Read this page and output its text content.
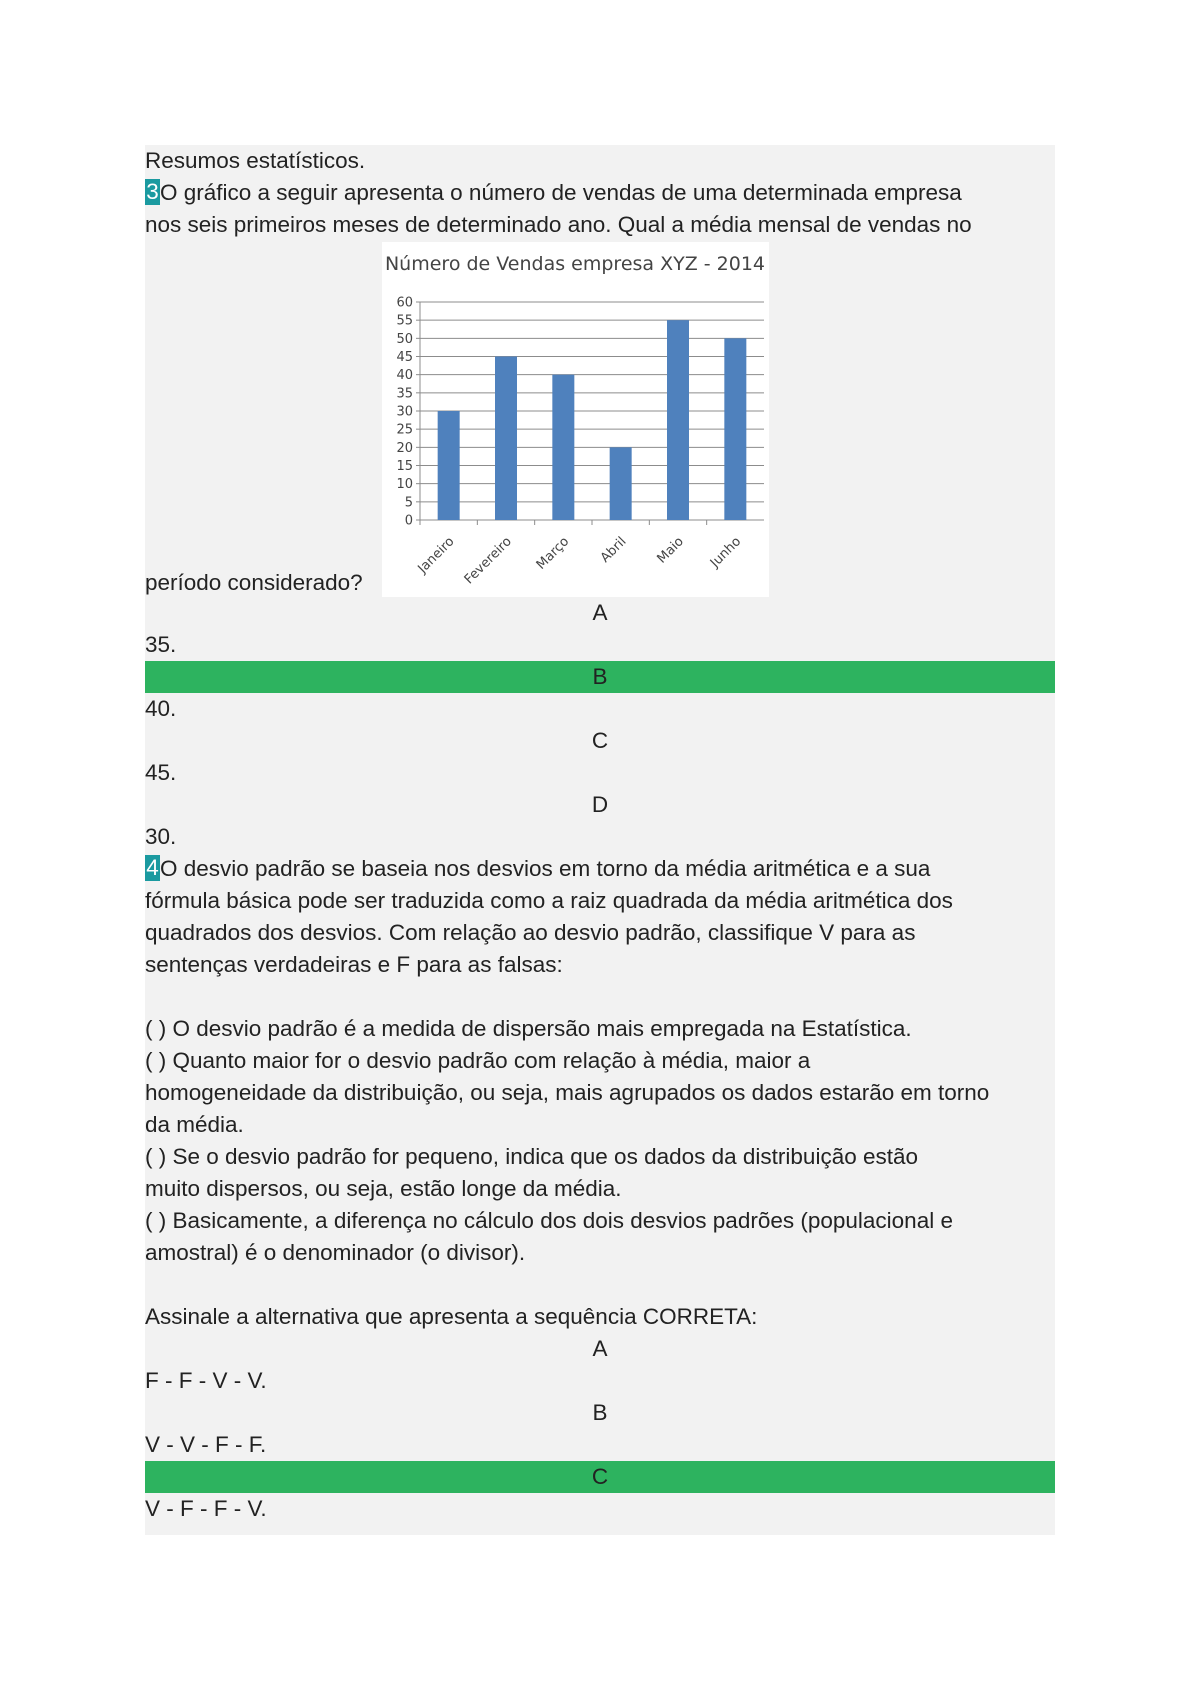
Resumos estatísticos.
3O gráfico a seguir apresenta o número de vendas de uma determinada empresa
nos seis primeiros meses de determinado ano. Qual a média mensal de vendas no
Número de Vendas empresa XYZ - 2014
0
5
10
15
20
25
30
35
40
45
50
55
60
Janeiro Fevereiro Março Abril Maio Junho
período considerado?
A
35.
B
40.
C
45.
D
30.
4O desvio padrão se baseia nos desvios em torno da média aritmética e a sua
fórmula básica pode ser traduzida como a raiz quadrada da média aritmética dos
quadrados dos desvios. Com relação ao desvio padrão, classifique V para as
sentenças verdadeiras e F para as falsas:
( ) O desvio padrão é a medida de dispersão mais empregada na Estatística.
( ) Quanto maior for o desvio padrão com relação à média, maior a
homogeneidade da distribuição, ou seja, mais agrupados os dados estarão em torno
da média.
( ) Se o desvio padrão for pequeno, indica que os dados da distribuição estão
muito dispersos, ou seja, estão longe da média.
( ) Basicamente, a diferença no cálculo dos dois desvios padrões (populacional e
amostral) é o denominador (o divisor).
Assinale a alternativa que apresenta a sequência CORRETA:
A
F - F - V - V.
B
V - V - F - F.
C
V - F - F - V.
